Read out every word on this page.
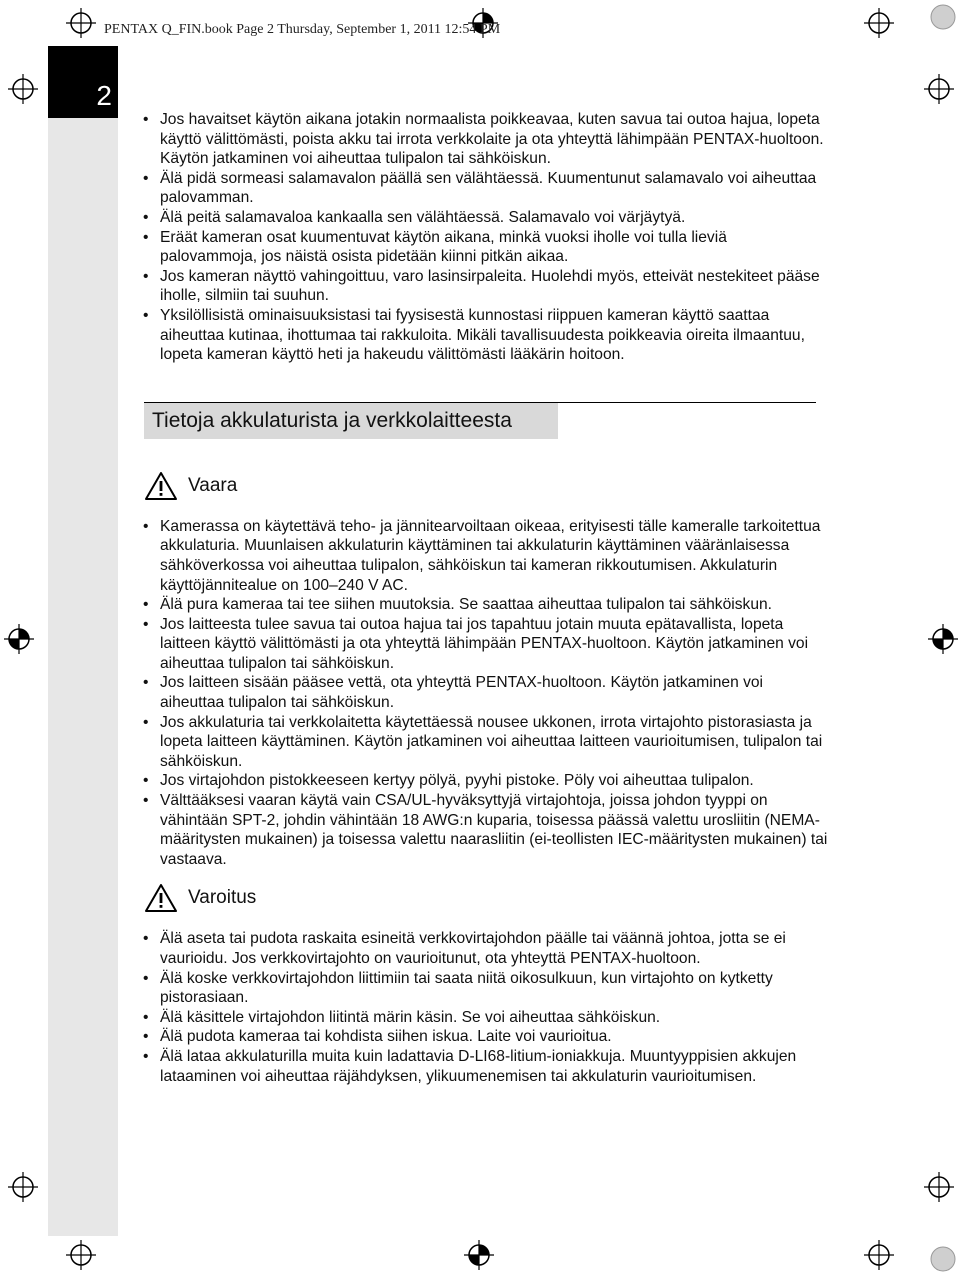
PENTAX Q_FIN.book Page 2 Thursday, September 1, 2011 12:54 PM

2
• Jos havaitset käytön aikana jotakin normaalista poikkeavaa, kuten savua tai outoa hajua, lopeta käyttö välittömästi, poista akku tai irrota verkkolaite ja ota yhteyttä lähimpään PENTAX-huoltoon. Käytön jatkaminen voi aiheuttaa tulipalon tai sähköiskun.
• Älä pidä sormeasi salamavalon päällä sen välähtäessä. Kuumentunut salamavalo voi aiheuttaa palovamman.
• Älä peitä salamavaloa kankaalla sen välähtäessä. Salamavalo voi värjäytyä.
• Eräät kameran osat kuumentuvat käytön aikana, minkä vuoksi iholle voi tulla lieviä palovammoja, jos näistä osista pidetään kiinni pitkän aikaa.
• Jos kameran näyttö vahingoittuu, varo lasinsirpaleita. Huolehdi myös, etteivät nestekiteet pääse iholle, silmiin tai suuhun.
• Yksilöllisistä ominaisuuksistasi tai fyysisestä kunnostasi riippuen kameran käyttö saattaa aiheuttaa kutinaa, ihottumaa tai rakkuloita. Mikäli tavallisuudesta poikkeavia oireita ilmaantuu, lopeta kameran käyttö heti ja hakeudu välittömästi lääkärin hoitoon.
Tietoja akkulaturista ja verkkolaitteesta
Vaara
• Kamerassa on käytettävä teho- ja jännitearvoiltaan oikeaa, erityisesti tälle kameralle tarkoitettua akkulaturia. Muunlaisen akkulaturin käyttäminen tai akkulaturin käyttäminen vääränlaisessa sähköverkossa voi aiheuttaa tulipalon, sähköiskun tai kameran rikkoutumisen. Akkulaturin käyttöjännitealue on 100–240 V AC.
• Älä pura kameraa tai tee siihen muutoksia. Se saattaa aiheuttaa tulipalon tai sähköiskun.
• Jos laitteesta tulee savua tai outoa hajua tai jos tapahtuu jotain muuta epätavallista, lopeta laitteen käyttö välittömästi ja ota yhteyttä lähimpään PENTAX-huoltoon. Käytön jatkaminen voi aiheuttaa tulipalon tai sähköiskun.
• Jos laitteen sisään pääsee vettä, ota yhteyttä PENTAX-huoltoon. Käytön jatkaminen voi aiheuttaa tulipalon tai sähköiskun.
• Jos akkulaturia tai verkkolaitetta käytettäessä nousee ukkonen, irrota virtajohto pistorasiasta ja lopeta laitteen käyttäminen. Käytön jatkaminen voi aiheuttaa laitteen vaurioitumisen, tulipalon tai sähköiskun.
• Jos virtajohdon pistokkeeseen kertyy pölyä, pyyhi pistoke. Pöly voi aiheuttaa tulipalon.
• Välttääksesi vaaran käytä vain CSA/UL-hyväksyttyjä virtajohtoja, joissa johdon tyyppi on vähintään SPT-2, johdin vähintään 18 AWG:n kuparia, toisessa päässä valettu urosliitin (NEMA-määritysten mukainen) ja toisessa valettu naarasliitin (ei-teollisten IEC-määritysten mukainen) tai vastaava.
Varoitus
• Älä aseta tai pudota raskaita esineitä verkkovirtajohdon päälle tai väännä johtoa, jotta se ei vaurioidu. Jos verkkovirtajohto on vaurioitunut, ota yhteyttä PENTAX-huoltoon.
• Älä koske verkkovirtajohdon liittimiin tai saata niitä oikosulkuun, kun virtajohto on kytketty pistorasiaan.
• Älä käsittele virtajohdon liitintä märin käsin. Se voi aiheuttaa sähköiskun.
• Älä pudota kameraa tai kohdista siihen iskua. Laite voi vaurioitua.
• Älä lataa akkulaturilla muita kuin ladattavia D-LI68-litium-ioniakkuja. Muuntyyppisien akkujen lataaminen voi aiheuttaa räjähdyksen, ylikuumenemisen tai akkulaturin vaurioitumisen.
